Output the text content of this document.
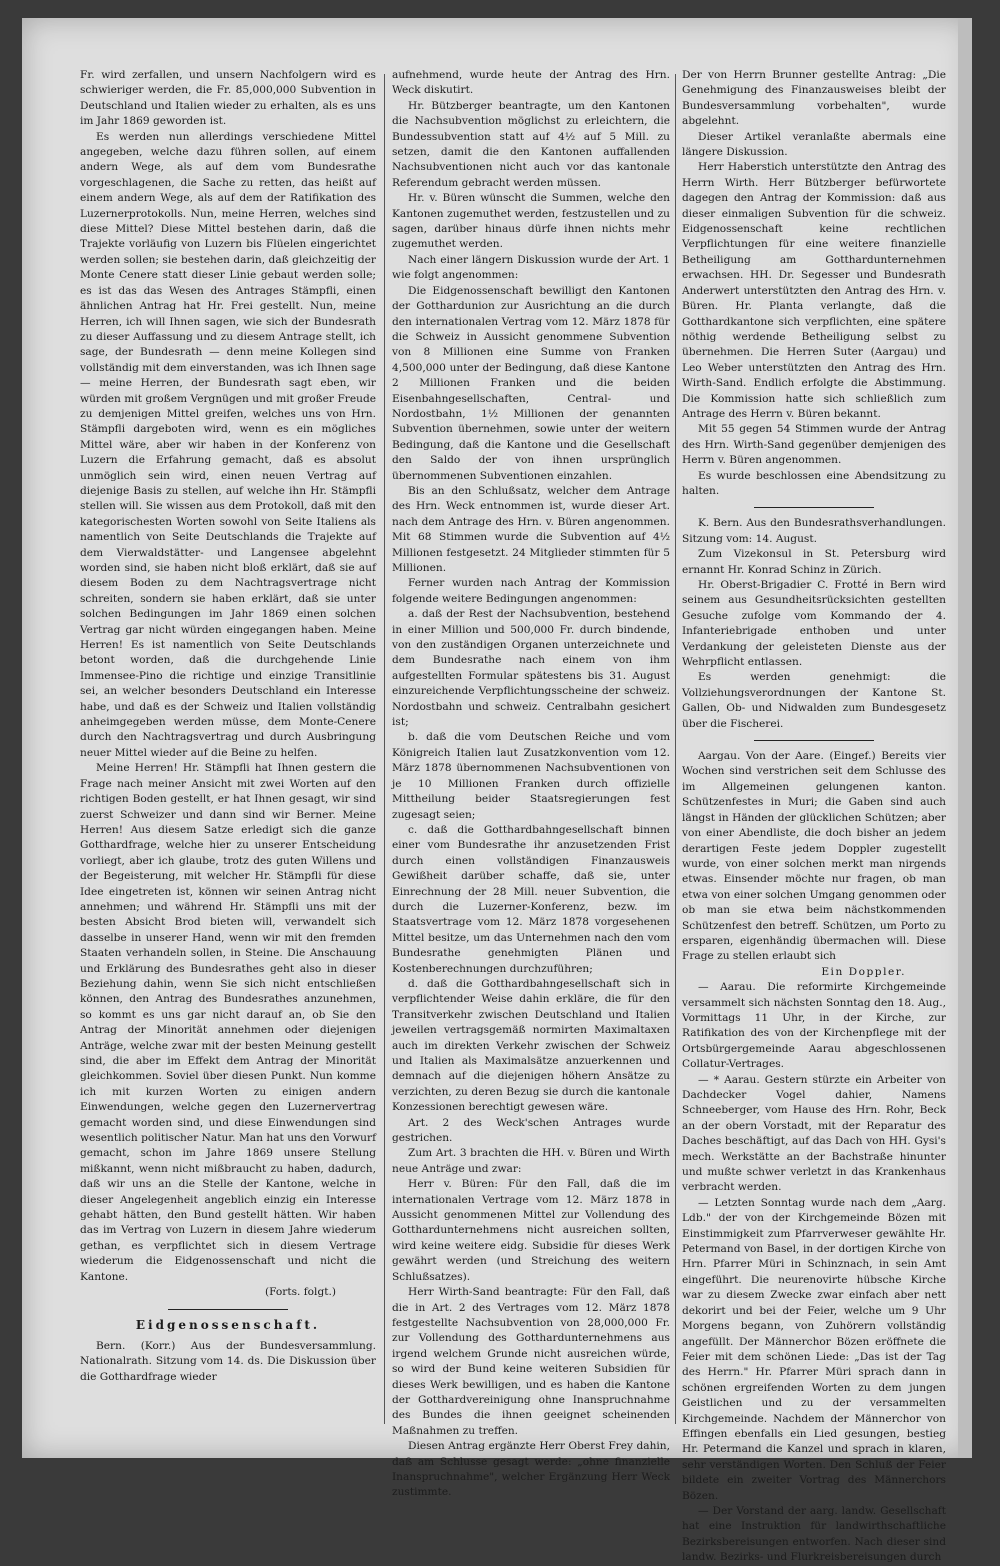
Fr. wird zerfallen, und unsern Nachfolgern wird es schwieriger werden, die Fr. 85,000,000 Subvention in Deutschland und Italien wieder zu erhalten, als es uns im Jahr 1869 geworden ist.

Es werden nun allerdings verschiedene Mittel angegeben, welche dazu führen sollen, auf einem andern Wege, als auf dem vom Bundesrathe vorgeschlagenen, die Sache zu retten, das heißt auf einem andern Wege, als auf dem der Ratifikation des Luzernerprotokolls. Nun, meine Herren, welches sind diese Mittel? Diese Mittel bestehen darin, daß die Trajekte vorläufig von Luzern bis Flüelen eingerichtet werden sollen; sie bestehen darin, daß gleichzeitig der Monte Cenere statt dieser Linie gebaut werden solle; es ist das das Wesen des Antrages Stämpfli, einen ähnlichen Antrag hat Hr. Frei gestellt. Nun, meine Herren, ich will Ihnen sagen, wie sich der Bundesrath zu dieser Auffassung und zu diesem Antrage stellt, ich sage, der Bundesrath — denn meine Kollegen sind vollständig mit dem einverstanden, was ich Ihnen sage — meine Herren, der Bundesrath sagt eben, wir würden mit großem Vergnügen und mit großer Freude zu demjenigen Mittel greifen, welches uns von Hrn. Stämpfli dargeboten wird, wenn es ein mögliches Mittel wäre, aber wir haben in der Konferenz von Luzern die Erfahrung gemacht, daß es absolut unmöglich sein wird, einen neuen Vertrag auf diejenige Basis zu stellen, auf welche ihn Hr. Stämpfli stellen will. Sie wissen aus dem Protokoll, daß mit den kategorischesten Worten sowohl von Seite Italiens als namentlich von Seite Deutschlands die Trajekte auf dem Vierwaldstätter- und Langensee abgelehnt worden sind, sie haben nicht bloß erklärt, daß sie auf diesem Boden zu dem Nachtragsvertrage nicht schreiten, sondern sie haben erklärt, daß sie unter solchen Bedingungen im Jahr 1869 einen solchen Vertrag gar nicht würden eingegangen haben. Meine Herren! Es ist namentlich von Seite Deutschlands betont worden, daß die durchgehende Linie Immensee-Pino die richtige und einzige Transitlinie sei, an welcher besonders Deutschland ein Interesse habe, und daß es der Schweiz und Italien vollständig anheimgegeben werden müsse, dem Monte-Cenere durch den Nachtragsvertrag und durch Ausbringung neuer Mittel wieder auf die Beine zu helfen.

Meine Herren! Hr. Stämpfli hat Ihnen gestern die Frage nach meiner Ansicht mit zwei Worten auf den richtigen Boden gestellt, er hat Ihnen gesagt, wir sind zuerst Schweizer und dann sind wir Berner. Meine Herren! Aus diesem Satze erledigt sich die ganze Gotthardfrage, welche hier zu unserer Entscheidung vorliegt, aber ich glaube, trotz des guten Willens und der Begeisterung, mit welcher Hr. Stämpfli für diese Idee eingetreten ist, können wir seinen Antrag nicht annehmen; und während Hr. Stämpfli uns mit der besten Absicht Brod bieten will, verwandelt sich dasselbe in unserer Hand, wenn wir mit den fremden Staaten verhandeln sollen, in Steine. Die Anschauung und Erklärung des Bundesrathes geht also in dieser Beziehung dahin, wenn Sie sich nicht entschließen können, den Antrag des Bundesrathes anzunehmen, so kommt es uns gar nicht darauf an, ob Sie den Antrag der Minorität annehmen oder diejenigen Anträge, welche zwar mit der besten Meinung gestellt sind, die aber im Effekt dem Antrag der Minorität gleichkommen. Soviel über diesen Punkt. Nun komme ich mit kurzen Worten zu einigen andern Einwendungen, welche gegen den Luzernervertrag gemacht worden sind, und diese Einwendungen sind wesentlich politischer Natur. Man hat uns den Vorwurf gemacht, schon im Jahre 1869 unsere Stellung mißkannt, wenn nicht mißbraucht zu haben, dadurch, daß wir uns an die Stelle der Kantone, welche in dieser Angelegenheit angeblich einzig ein Interesse gehabt hätten, den Bund gestellt hätten. Wir haben das im Vertrag von Luzern in diesem Jahre wiederum gethan, es verpflichtet sich in diesem Vertrage wiederum die Eidgenossenschaft und nicht die Kantone.

(Forts. folgt.)

Eidgenossenschaft.

Bern. (Korr.) Aus der Bundesversammlung. Nationalrath. Sitzung vom 14. ds. Die Diskussion über die Gotthardfrage wieder

aufnehmend, wurde heute der Antrag des Hrn. Weck diskutirt.

Hr. Bützberger beantragte, um den Kantonen die Nachsubvention möglichst zu erleichtern, die Bundessubvention statt auf 4½ auf 5 Mill. zu setzen, damit die den Kantonen auffallenden Nachsubventionen nicht auch vor das kantonale Referendum gebracht werden müssen.

Hr. v. Büren wünscht die Summen, welche den Kantonen zugemuthet werden, festzustellen und zu sagen, darüber hinaus dürfe ihnen nichts mehr zugemuthet werden.

Nach einer längern Diskussion wurde der Art. 1 wie folgt angenommen:

Die Eidgenossenschaft bewilligt den Kantonen der Gotthardunion zur Ausrichtung an die durch den internationalen Vertrag vom 12. März 1878 für die Schweiz in Aussicht genommene Subvention von 8 Millionen eine Summe von Franken 4,500,000 unter der Bedingung, daß diese Kantone 2 Millionen Franken und die beiden Eisenbahngesellschaften, Central- und Nordostbahn, 1½ Millionen der genannten Subvention übernehmen, sowie unter der weitern Bedingung, daß die Kantone und die Gesellschaft den Saldo der von ihnen ursprünglich übernommenen Subventionen einzahlen.

Bis an den Schlußsatz, welcher dem Antrage des Hrn. Weck entnommen ist, wurde dieser Art. nach dem Antrage des Hrn. v. Büren angenommen. Mit 68 Stimmen wurde die Subvention auf 4½ Millionen festgesetzt. 24 Mitglieder stimmten für 5 Millionen.

Ferner wurden nach Antrag der Kommission folgende weitere Bedingungen angenommen:

a. daß der Rest der Nachsubvention, bestehend in einer Million und 500,000 Fr. durch bindende, von den zuständigen Organen unterzeichnete und dem Bundesrathe nach einem von ihm aufgestellten Formular spätestens bis 31. August einzureichende Verpflichtungsscheine der schweiz. Nordostbahn und schweiz. Centralbahn gesichert ist;

b. daß die vom Deutschen Reiche und vom Königreich Italien laut Zusatzkonvention vom 12. März 1878 übernommenen Nachsubventionen von je 10 Millionen Franken durch offizielle Mittheilung beider Staatsregierungen fest zugesagt seien;

c. daß die Gotthardbahngesellschaft binnen einer vom Bundesrathe ihr anzusetzenden Frist durch einen vollständigen Finanzausweis Gewißheit darüber schaffe, daß sie, unter Einrechnung der 28 Mill. neuer Subvention, die durch die Luzerner-Konferenz, bezw. im Staatsvertrage vom 12. März 1878 vorgesehenen Mittel besitze, um das Unternehmen nach den vom Bundesrathe genehmigten Plänen und Kostenberechnungen durchzuführen;

d. daß die Gotthardbahngesellschaft sich in verpflichtender Weise dahin erkläre, die für den Transitverkehr zwischen Deutschland und Italien jeweilen vertragsgemäß normirten Maximaltaxen auch im direkten Verkehr zwischen der Schweiz und Italien als Maximalsätze anzuerkennen und demnach auf die diejenigen höhern Ansätze zu verzichten, zu deren Bezug sie durch die kantonale Konzessionen berechtigt gewesen wäre.

Art. 2 des Weck'schen Antrages wurde gestrichen.

Zum Art. 3 brachten die HH. v. Büren und Wirth neue Anträge und zwar:

Herr v. Büren: Für den Fall, daß die im internationalen Vertrage vom 12. März 1878 in Aussicht genommenen Mittel zur Vollendung des Gotthardunternehmens nicht ausreichen sollten, wird keine weitere eidg. Subsidie für dieses Werk gewährt werden (und Streichung des weitern Schlußsatzes).

Herr Wirth-Sand beantragte: Für den Fall, daß die in Art. 2 des Vertrages vom 12. März 1878 festgestellte Nachsubvention von 28,000,000 Fr. zur Vollendung des Gotthardunternehmens aus irgend welchem Grunde nicht ausreichen würde, so wird der Bund keine weiteren Subsidien für dieses Werk bewilligen, und es haben die Kantone der Gotthardvereinigung ohne Inanspruchnahme des Bundes die ihnen geeignet scheinenden Maßnahmen zu treffen.

Diesen Antrag ergänzte Herr Oberst Frey dahin, daß am Schlusse gesagt werde: „ohne finanzielle Inanspruchnahme", welcher Ergänzung Herr Weck zustimmte.

Der von Herrn Brunner gestellte Antrag: „Die Genehmigung des Finanzausweises bleibt der Bundesversammlung vorbehalten", wurde abgelehnt.

Dieser Artikel veranlaßte abermals eine längere Diskussion.

Herr Haberstich unterstützte den Antrag des Herrn Wirth. Herr Bützberger befürwortete dagegen den Antrag der Kommission: daß aus dieser einmaligen Subvention für die schweiz. Eidgenossenschaft keine rechtlichen Verpflichtungen für eine weitere finanzielle Betheiligung am Gotthardunternehmen erwachsen. HH. Dr. Segesser und Bundesrath Anderwert unterstützten den Antrag des Hrn. v. Büren. Hr. Planta verlangte, daß die Gotthardkantone sich verpflichten, eine spätere nöthig werdende Betheiligung selbst zu übernehmen. Die Herren Suter (Aargau) und Leo Weber unterstützten den Antrag des Hrn. Wirth-Sand. Endlich erfolgte die Abstimmung. Die Kommission hatte sich schließlich zum Antrage des Herrn v. Büren bekannt.

Mit 55 gegen 54 Stimmen wurde der Antrag des Hrn. Wirth-Sand gegenüber demjenigen des Herrn v. Büren angenommen.

Es wurde beschlossen eine Abendsitzung zu halten.

K. Bern. Aus den Bundesrathsverhandlungen. Sitzung vom: 14. August.

Zum Vizekonsul in St. Petersburg wird ernannt Hr. Konrad Schinz in Zürich.

Hr. Oberst-Brigadier C. Frotté in Bern wird seinem aus Gesundheitsrücksichten gestellten Gesuche zufolge vom Kommando der 4. Infanteriebrigade enthoben und unter Verdankung der geleisteten Dienste aus der Wehrpflicht entlassen.

Es werden genehmigt: die Vollziehungsverordnungen der Kantone St. Gallen, Ob- und Nidwalden zum Bundesgesetz über die Fischerei.

Aargau. Von der Aare. (Eingef.) Bereits vier Wochen sind verstrichen seit dem Schlusse des im Allgemeinen gelungenen kanton. Schützenfestes in Muri; die Gaben sind auch längst in Händen der glücklichen Schützen; aber von einer Abendliste, die doch bisher an jedem derartigen Feste jedem Doppler zugestellt wurde, von einer solchen merkt man nirgends etwas. Einsender möchte nur fragen, ob man etwa von einer solchen Umgang genommen oder ob man sie etwa beim nächstkommenden Schützenfest den betreff. Schützen, um Porto zu ersparen, eigenhändig übermachen will. Diese Frage zu stellen erlaubt sich

Ein Doppler.

— Aarau. Die reformirte Kirchgemeinde versammelt sich nächsten Sonntag den 18. Aug., Vormittags 11 Uhr, in der Kirche, zur Ratifikation des von der Kirchenpflege mit der Ortsbürgergemeinde Aarau abgeschlossenen Collatur-Vertrages.

— * Aarau. Gestern stürzte ein Arbeiter von Dachdecker Vogel dahier, Namens Schneeberger, vom Hause des Hrn. Rohr, Beck an der obern Vorstadt, mit der Reparatur des Daches beschäftigt, auf das Dach von HH. Gysi's mech. Werkstätte an der Bachstraße hinunter und mußte schwer verletzt in das Krankenhaus verbracht werden.

— Letzten Sonntag wurde nach dem „Aarg. Ldb." der von der Kirchgemeinde Bözen mit Einstimmigkeit zum Pfarrverweser gewählte Hr. Petermand von Basel, in der dortigen Kirche von Hrn. Pfarrer Müri in Schinznach, in sein Amt eingeführt. Die neurenovirte hübsche Kirche war zu diesem Zwecke zwar einfach aber nett dekorirt und bei der Feier, welche um 9 Uhr Morgens begann, von Zuhörern vollständig angefüllt. Der Männerchor Bözen eröffnete die Feier mit dem schönen Liede: „Das ist der Tag des Herrn." Hr. Pfarrer Müri sprach dann in schönen ergreifenden Worten zu dem jungen Geistlichen und zu der versammelten Kirchgemeinde. Nachdem der Männerchor von Effingen ebenfalls ein Lied gesungen, bestieg Hr. Petermand die Kanzel und sprach in klaren, sehr verständigen Worten. Den Schluß der Feier bildete ein zweiter Vortrag des Männerchors Bözen.

— Der Vorstand der aarg. landw. Gesellschaft hat eine Instruktion für landwirthschaftliche Bezirksbereisungen entworfen. Nach dieser sind landw. Bezirks- und Flurkreisbereisungen durch
